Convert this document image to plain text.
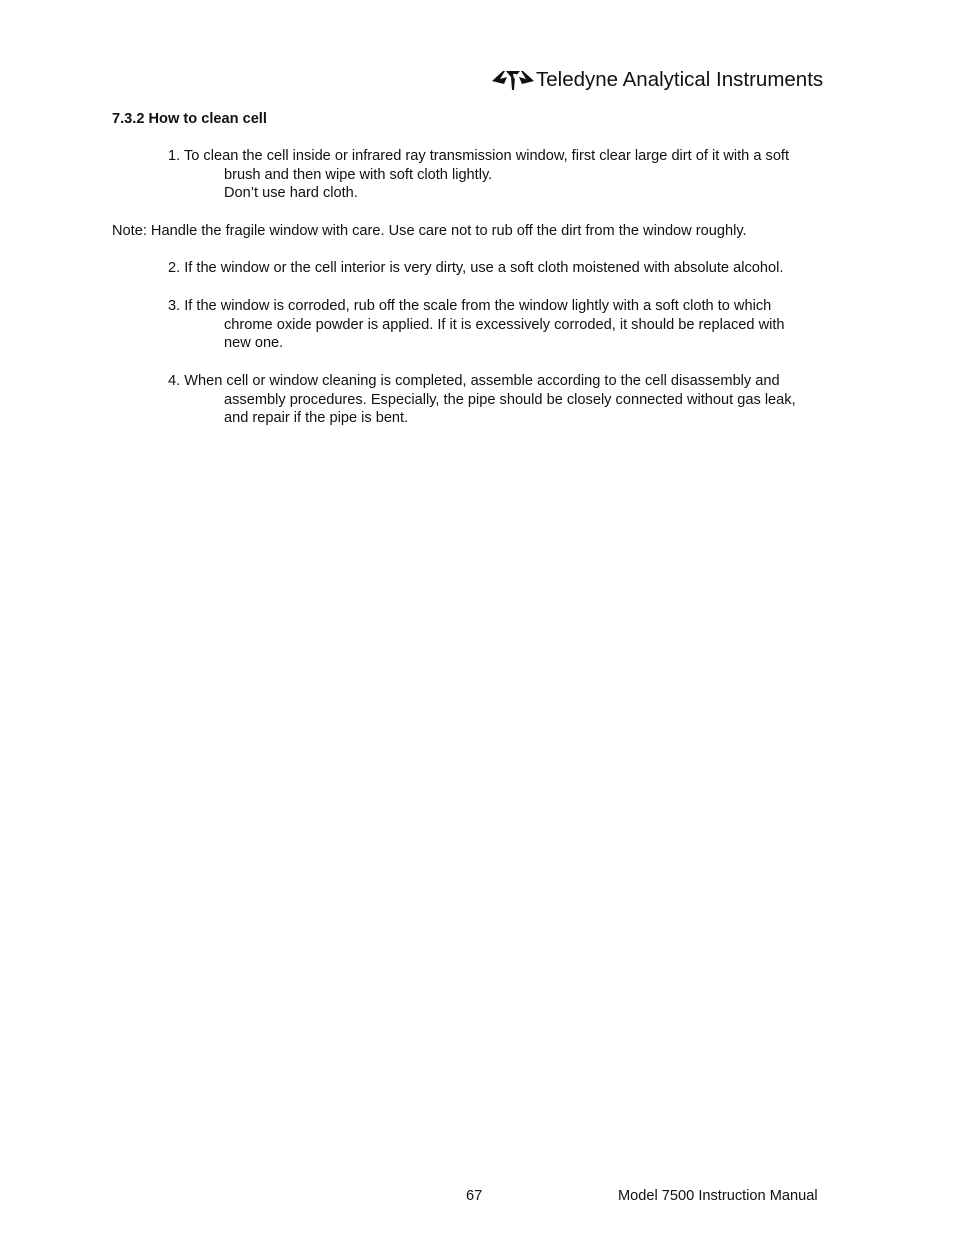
Teledyne Analytical Instruments
7.3.2 How to clean cell
1. To clean the cell inside or infrared ray transmission window, first clear large dirt of it with a soft
brush and then wipe with soft cloth lightly.
Don’t use hard cloth.
Note: Handle the fragile window with care. Use care not to rub off the dirt from the window roughly.
2. If the window or the cell interior is very dirty, use a soft cloth moistened with absolute alcohol.
3. If the window is corroded, rub off the scale from the window lightly with a soft cloth to which
chrome oxide powder is applied. If it is excessively corroded, it should be replaced with
new one.
4. When cell or window cleaning is completed, assemble according to the cell disassembly and
assembly procedures. Especially, the pipe should be closely connected without gas leak,
and repair if the pipe is bent.
67	Model 7500 Instruction Manual
